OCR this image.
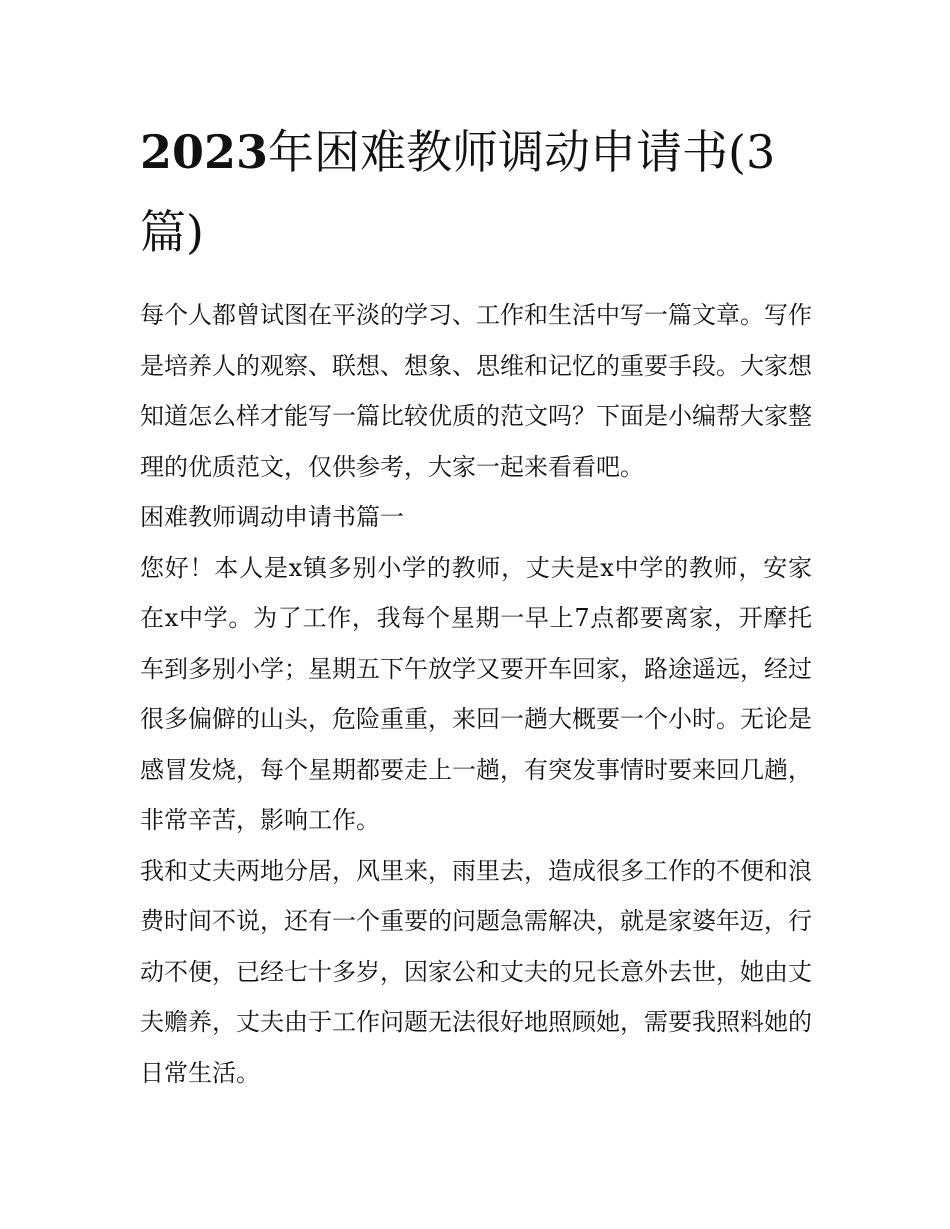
2023年困难教师调动申请书(3篇)

每个人都曾试图在平淡的学习、工作和生活中写一篇文章。写作是培养人的观察、联想、想象、思维和记忆的重要手段。大家想知道怎么样才能写一篇比较优质的范文吗？下面是小编帮大家整理的优质范文，仅供参考，大家一起来看看吧。

困难教师调动申请书篇一

您好！本人是x镇多别小学的教师，丈夫是x中学的教师，安家在x中学。为了工作，我每个星期一早上7点都要离家，开摩托车到多别小学；星期五下午放学又要开车回家，路途遥远，经过很多偏僻的山头，危险重重，来回一趟大概要一个小时。无论是感冒发烧，每个星期都要走上一趟，有突发事情时要来回几趟，非常辛苦，影响工作。

我和丈夫两地分居，风里来，雨里去，造成很多工作的不便和浪费时间不说，还有一个重要的问题急需解决，就是家婆年迈，行动不便，已经七十多岁，因家公和丈夫的兄长意外去世，她由丈夫赡养，丈夫由于工作问题无法很好地照顾她，需要我照料她的日常生活。
